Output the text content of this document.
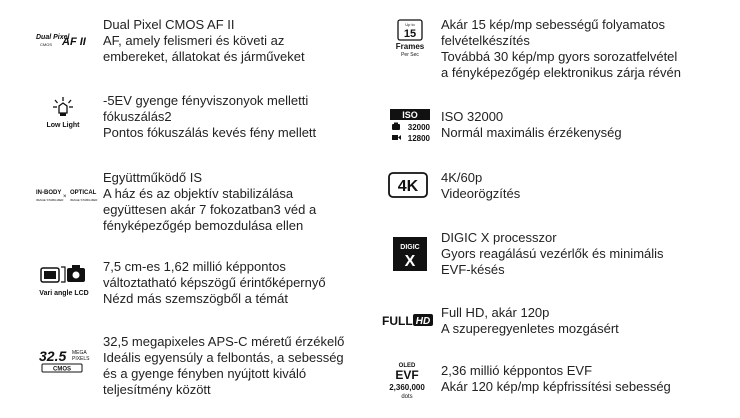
Dual Pixel
CMOS AF II
Dual Pixel CMOS AF II
AF, amely felismeri és követi az
embereket, állatokat és járműveket
Low Light
-5EV gyenge fényviszonyok melletti
fókuszálás2
Pontos fókuszálás kevés fény mellett
IN-BODY
IMAGE STABILIZER ×
OPTICAL
IMAGE STABILIZER
Együttműködő IS
A ház és az objektív stabilizálása
együttesen akár 7 fokozatban3 véd a
fényképezőgép bemozdulása ellen
Vari angle LCD
7,5 cm-es 1,62 millió képpontos
változtatható képszögű érintőképernyő
Nézd más szemszögből a témát
32.5 MEGA
PIXELS
CMOS
32,5 megapixeles APS-C méretű érzékelő
Ideális egyensúly a felbontás, a sebesség
és a gyenge fényben nyújtott kiváló
teljesítmény között
Up to
15
Frames
Per Sec
Akár 15 kép/mp sebességű folyamatos
felvételkészítés
Továbbá 30 kép/mp gyors sorozatfelvétel
a fényképezőgép elektronikus zárja révén
ISO
32000
12800
ISO 32000
Normál maximális érzékenység
4K
4K/60p
Videorögzítés
DIGIC
X
DIGIC X processzor
Gyors reagálású vezérlők és minimális
EVF-késés
FULL HD
Full HD, akár 120p
A szuperegyenletes mozgásért
OLED
EVF
2,360,000
dots
2,36 millió képpontos EVF
Akár 120 kép/mp képfrissítési sebesség
